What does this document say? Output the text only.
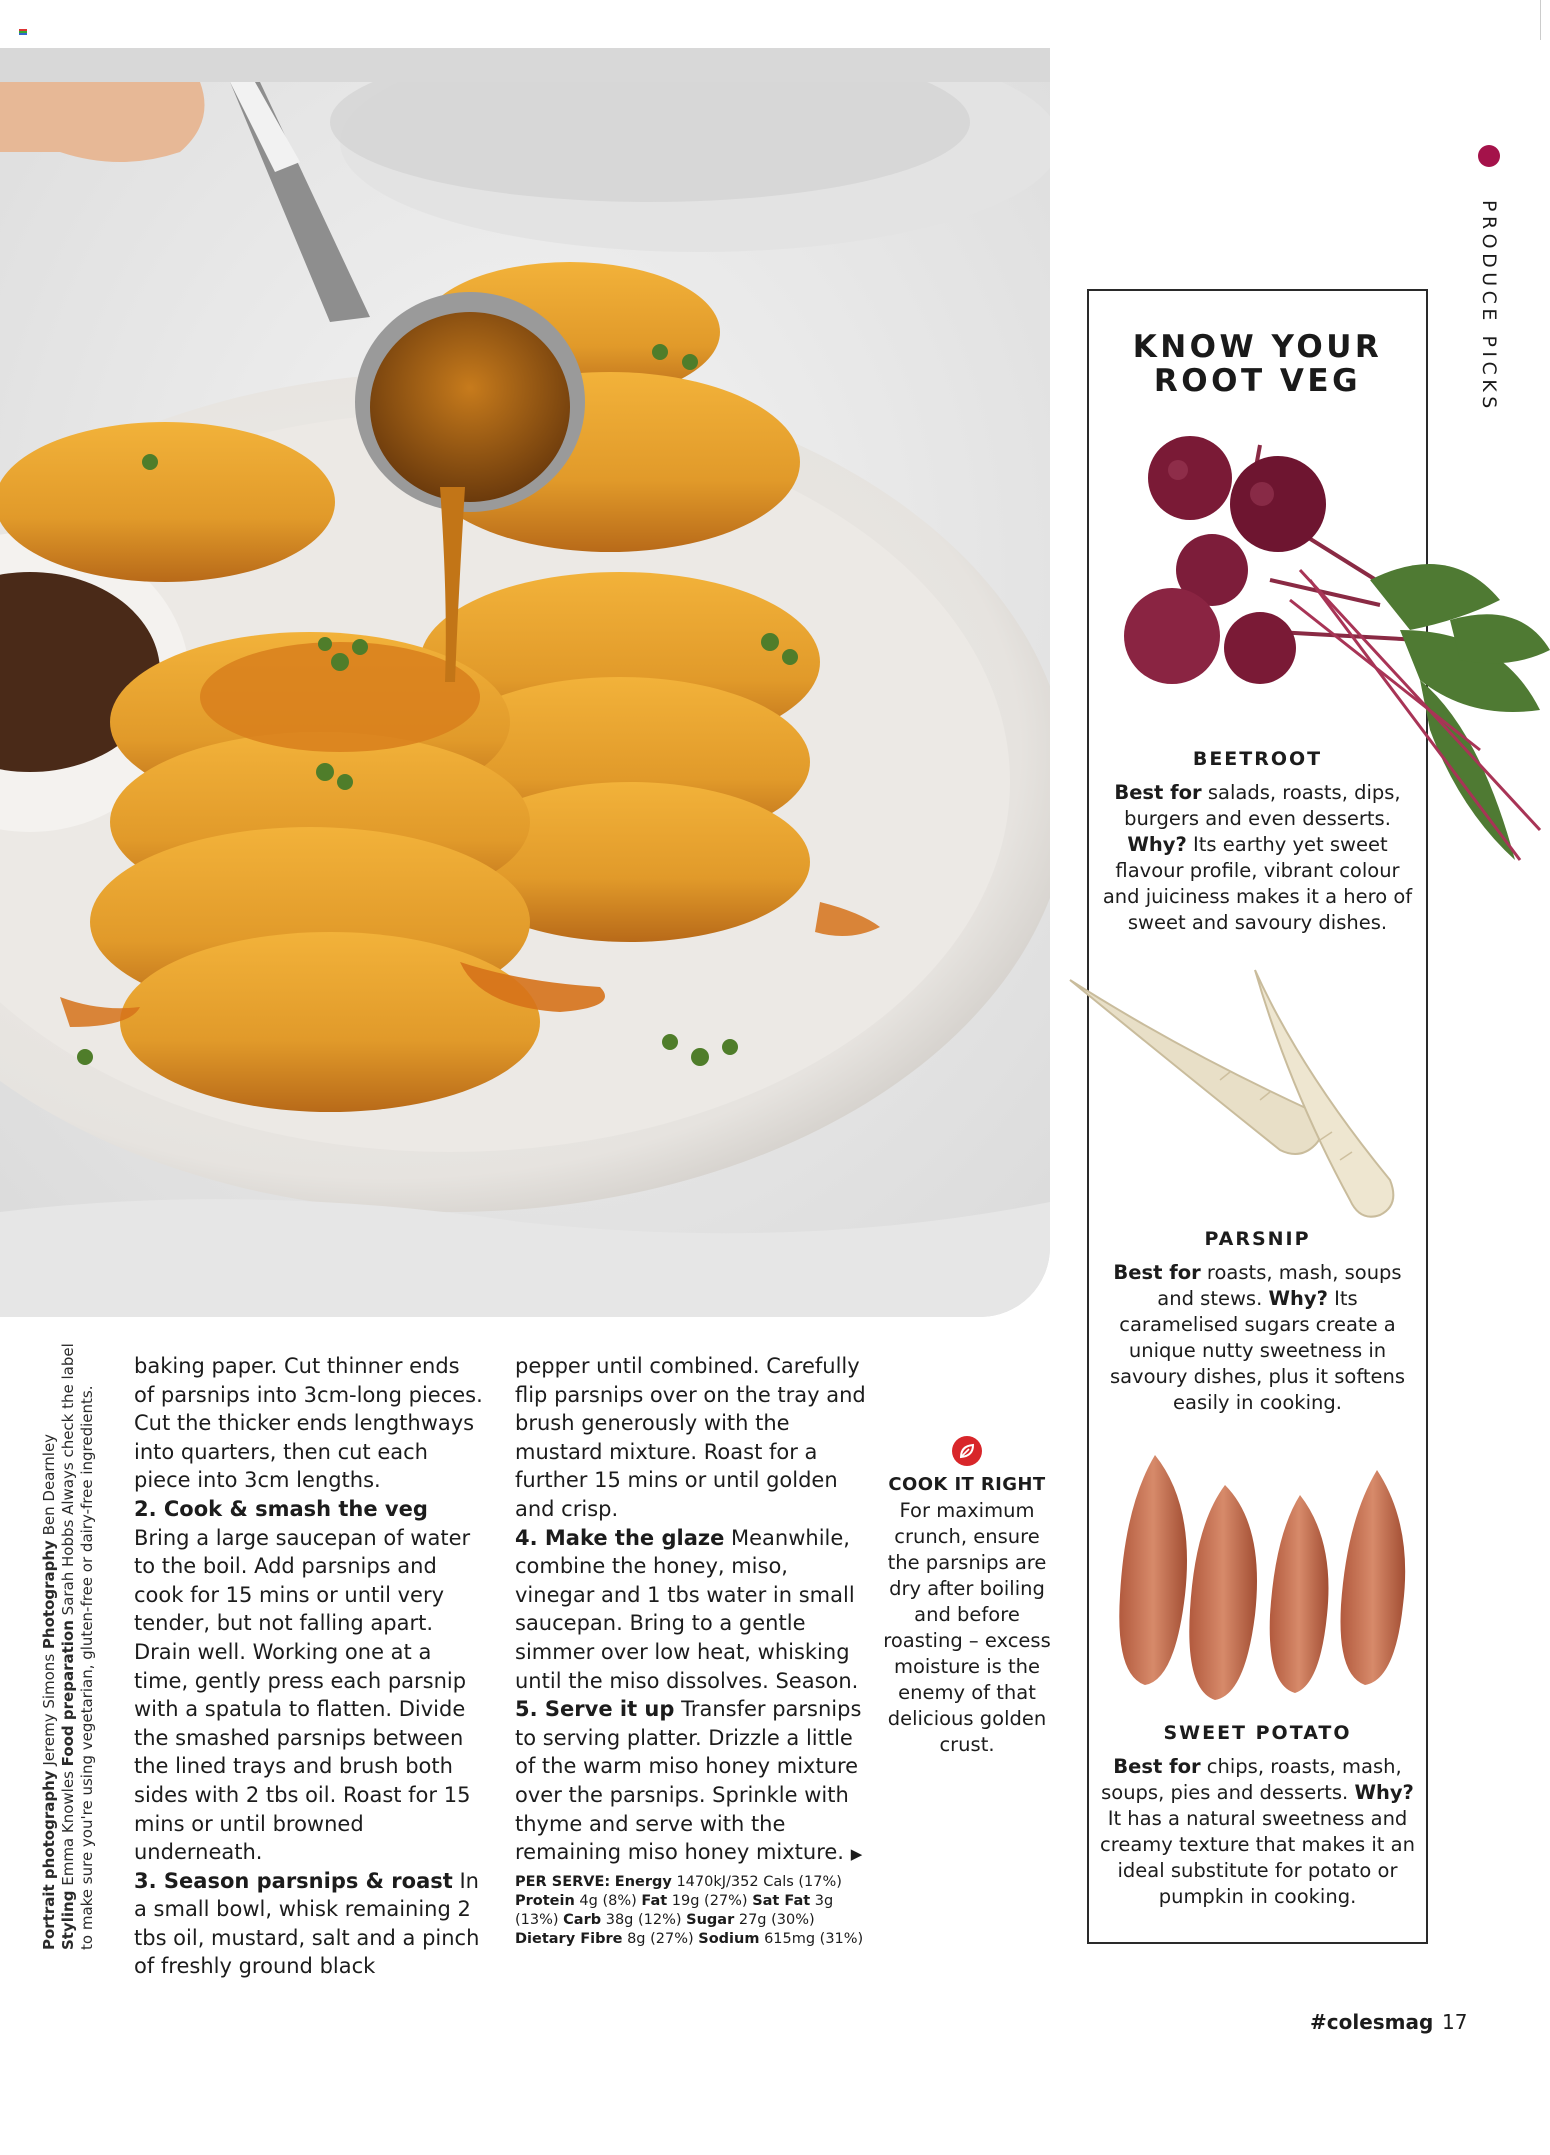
Portrait photography Jeremy Simons Photography Ben Dearnley
Styling Emma Knowles Food preparation Sarah Hobbs Always check the label to make sure you're using vegetarian, gluten-free or dairy-free ingredients.

baking paper. Cut thinner ends of parsnips into 3cm-long pieces. Cut the thicker ends lengthways into quarters, then cut each piece into 3cm lengths.

2. Cook & smash the veg Bring a large saucepan of water to the boil. Add parsnips and cook for 15 mins or until very tender, but not falling apart. Drain well. Working one at a time, gently press each parsnip with a spatula to flatten. Divide the smashed parsnips between the lined trays and brush both sides with 2 tbs oil. Roast for 15 mins or until browned underneath.

3. Season parsnips & roast In a small bowl, whisk remaining 2 tbs oil, mustard, salt and a pinch of freshly ground black

pepper until combined. Carefully flip parsnips over on the tray and brush generously with the mustard mixture. Roast for a further 15 mins or until golden and crisp.

4. Make the glaze Meanwhile, combine the honey, miso, vinegar and 1 tbs water in small saucepan. Bring to a gentle simmer over low heat, whisking until the miso dissolves. Season.

5. Serve it up Transfer parsnips to serving platter. Drizzle a little of the warm miso honey mixture over the parsnips. Sprinkle with thyme and serve with the remaining miso honey mixture. ▶

PER SERVE: Energy 1470kJ/352 Cals (17%) Protein 4g (8%) Fat 19g (27%) Sat Fat 3g (13%) Carb 38g (12%) Sugar 27g (30%) Dietary Fibre 8g (27%) Sodium 615mg (31%)
COOK IT RIGHT
For maximum crunch, ensure the parsnips are dry after boiling and before roasting – excess moisture is the enemy of that delicious golden crust.
KNOW YOUR ROOT VEG
BEETROOT
Best for salads, roasts, dips, burgers and even desserts. Why? Its earthy yet sweet flavour profile, vibrant colour and juiciness makes it a hero of sweet and savoury dishes.
PARSNIP
Best for roasts, mash, soups and stews. Why? Its caramelised sugars create a unique nutty sweetness in savoury dishes, plus it softens easily in cooking.
SWEET POTATO
Best for chips, roasts, mash, soups, pies and desserts. Why? It has a natural sweetness and creamy texture that makes it an ideal substitute for potato or pumpkin in cooking.
PRODUCE PICKS
#colesmag 17
